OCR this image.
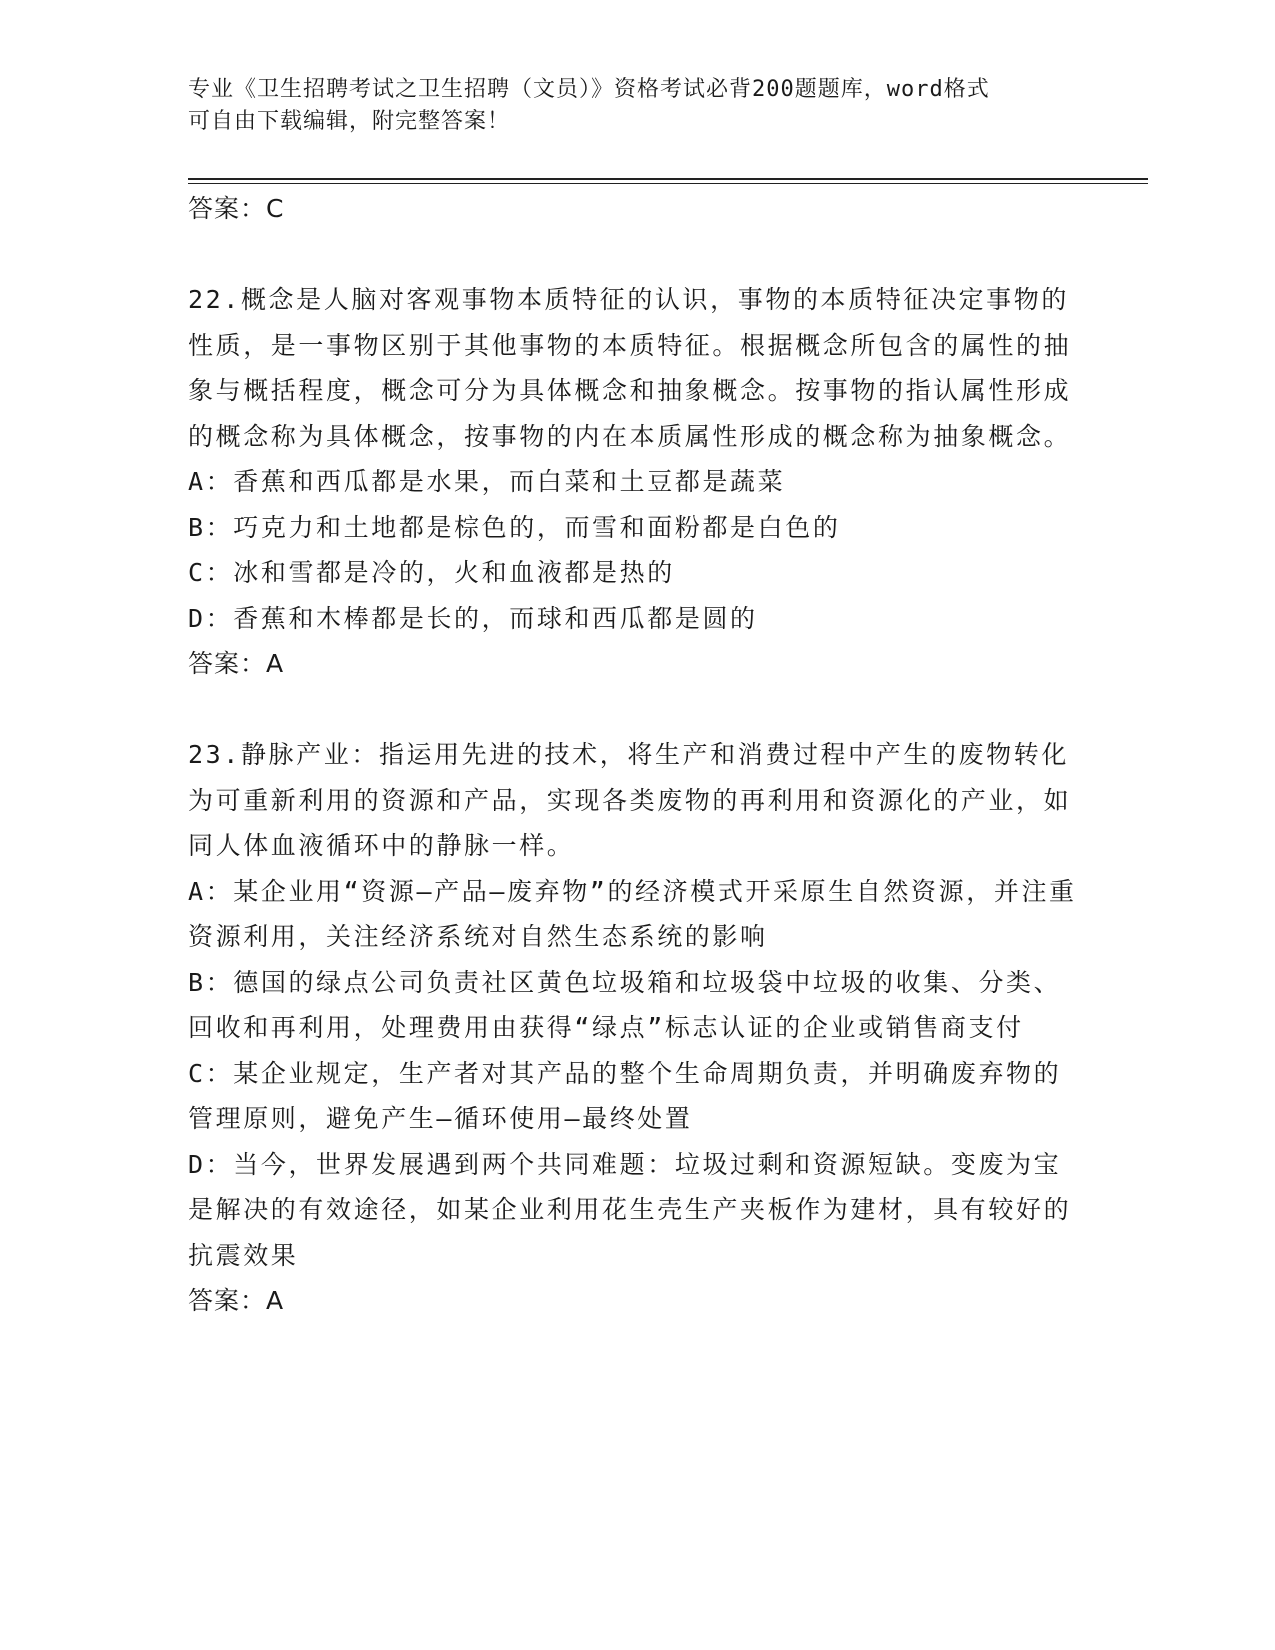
专业《卫生招聘考试之卫生招聘（文员）》资格考试必背200题题库，word格式
可自由下载编辑，附完整答案！

答案：C

22.概念是人脑对客观事物本质特征的认识，事物的本质特征决定事物的性质，是一事物区别于其他事物的本质特征。根据概念所包含的属性的抽象与概括程度，概念可分为具体概念和抽象概念。按事物的指认属性形成的概念称为具体概念，按事物的内在本质属性形成的概念称为抽象概念。

A：香蕉和西瓜都是水果，而白菜和土豆都是蔬菜

B：巧克力和土地都是棕色的，而雪和面粉都是白色的

C：冰和雪都是冷的，火和血液都是热的

D：香蕉和木棒都是长的，而球和西瓜都是圆的

答案：A

23.静脉产业：指运用先进的技术，将生产和消费过程中产生的废物转化为可重新利用的资源和产品，实现各类废物的再利用和资源化的产业，如同人体血液循环中的静脉一样。

A：某企业用“资源—产品—废弃物”的经济模式开采原生自然资源，并注重资源利用，关注经济系统对自然生态系统的影响

B：德国的绿点公司负责社区黄色垃圾箱和垃圾袋中垃圾的收集、分类、回收和再利用，处理费用由获得“绿点”标志认证的企业或销售商支付

C：某企业规定，生产者对其产品的整个生命周期负责，并明确废弃物的管理原则，避免产生—循环使用—最终处置

D：当今，世界发展遇到两个共同难题：垃圾过剩和资源短缺。变废为宝是解决的有效途径，如某企业利用花生壳生产夹板作为建材，具有较好的抗震效果

答案：A
